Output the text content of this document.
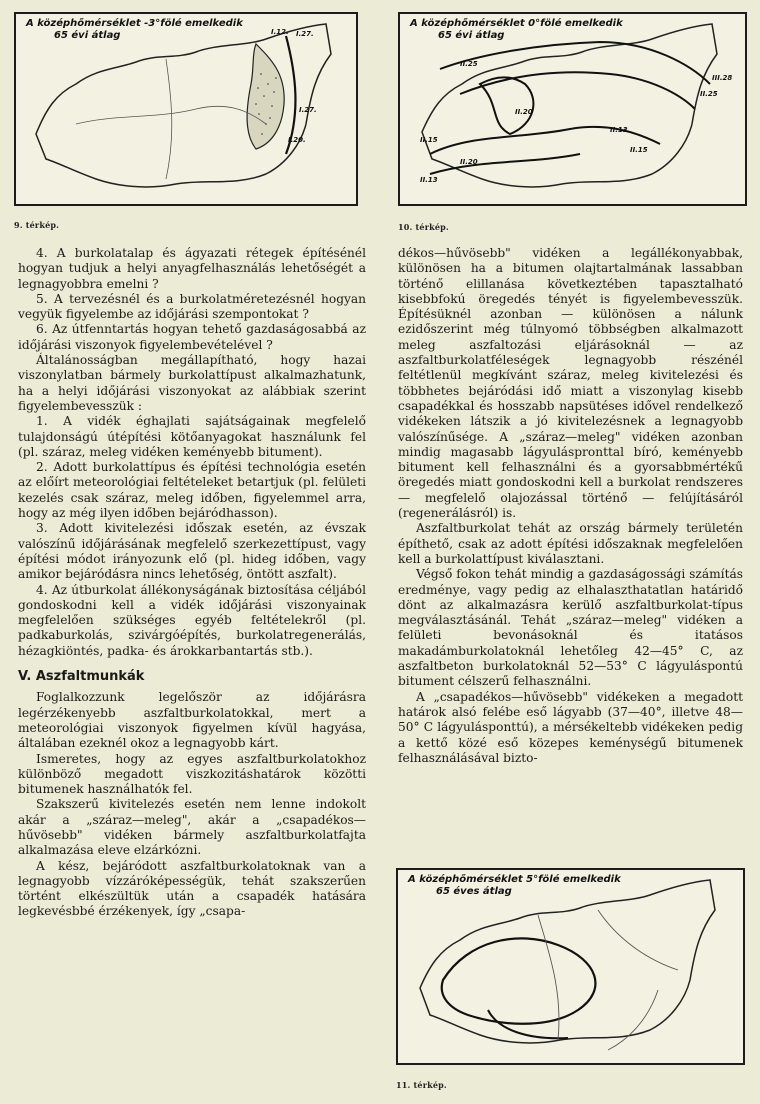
I.12. I.27.
I.27.
I.20.
A középhőmérséklet -3°fölé emelkedik
65 évi átlag
9. térkép.
III.28
II.25
II.25
II.20
II.15
II.13
II.15
II.20
II.13
A középhőmérséklet 0°fölé emelkedik
65 évi átlag
10. térkép.
A középhőmérséklet 5°fölé emelkedik
65 éves átlag
11. térkép.

4. A burkolatalap és ágyazati rétegek építésénél hogyan tudjuk a helyi anyagfelhasználás lehetőségét a legnagyobbra emelni ?

5. A tervezésnél és a burkolatméretezésnél hogyan vegyük figyelembe az időjárási szempontokat ?

6. Az útfenntartás hogyan tehető gazdaságosabbá az időjárási viszonyok figyelembevételével ?

Általánosságban megállapítható, hogy hazai viszonylatban bármely burkolattípust alkalmazhatunk, ha a helyi időjárási viszonyokat az alábbiak szerint figyelembevesszük :

1. A vidék éghajlati sajátságainak megfelelő tulajdonságú útépítési kötőanyagokat használunk fel (pl. száraz, meleg vidéken keményebb bitument).

2. Adott burkolattípus és építési technológia esetén az előírt meteorológiai feltételeket betartjuk (pl. felületi kezelés csak száraz, meleg időben, figyelemmel arra, hogy az még ilyen időben bejáródhasson).

3. Adott kivitelezési időszak esetén, az évszak valószínű időjárásának megfelelő szerkezettípust, vagy építési módot irányozunk elő (pl. hideg időben, vagy amikor bejáródásra nincs lehetőség, öntött aszfalt).

4. Az útburkolat állékonyságának biztosítása céljából gondoskodni kell a vidék időjárási viszonyainak megfelelően szükséges egyéb feltételekről (pl. padkaburkolás, szivárgóépítés, burkolatregenerálás, hézagkiöntés, padka- és árokkarbantartás stb.).

V. Aszfaltmunkák

Foglalkozzunk legelőször az időjárásra legérzékenyebb aszfaltburkolatokkal, mert a meteorológiai viszonyok figyelmen kívül hagyása, általában ezeknél okoz a legnagyobb kárt.

Ismeretes, hogy az egyes aszfaltburkolatokhoz különböző megadott viszkozitáshatárok közötti bitumenek használhatók fel.

Szakszerű kivitelezés esetén nem lenne indokolt akár a „száraz—meleg", akár a „csapadékos—hűvösebb" vidéken bármely aszfaltburkolatfajta alkalmazása eleve elzárkózni.

A kész, bejáródott aszfaltburkolatoknak van a legnagyobb vízzáróképességük, tehát szakszerűen történt elkészültük után a csapadék hatására legkevésbbé érzékenyek, így „csapa-

dékos—hűvösebb" vidéken a legállékonyabbak, különösen ha a bitumen olajtartalmának lassabban történő elillanása következtében tapasztalható kisebbfokú öregedés tényét is figyelembevesszük. Építésüknél azonban — különösen a nálunk ezidőszerint még túlnyomó többségben alkalmazott meleg aszfaltozási eljárásoknál — az aszfaltburkolatféleségek legnagyobb részénél feltétlenül megkívánt száraz, meleg kivitelezési és többhetes bejáródási idő miatt a viszonylag kisebb csapadékkal és hosszabb napsütéses idővel rendelkező vidékeken látszik a jó kivitelezésnek a legnagyobb valószínűsége. A „száraz—meleg" vidéken azonban mindig magasabb lágyuláspronttal bíró, keményebb bitument kell felhasználni és a gyorsabbmértékű öregedés miatt gondoskodni kell a burkolat rendszeres — megfelelő olajozással történő — felújításáról (regenerálásról) is.

Aszfaltburkolat tehát az ország bármely területén építhető, csak az adott építési időszaknak megfelelően kell a burkolattípust kiválasztani.

Végső fokon tehát mindig a gazdaságossági számítás eredménye, vagy pedig az elhalaszthatatlan határidő dönt az alkalmazásra kerülő aszfaltburkolat-típus megválasztásánál. Tehát „száraz—meleg" vidéken a felületi bevonásoknál és itatásos makadámburkolatoknál lehetőleg 42—45° C, az aszfaltbeton burkolatoknál 52—53° C lágyuláspontú bitument célszerű felhasználni.

A „csapadékos—hűvösebb" vidékeken a megadott határok alsó felébe eső lágyabb (37—40°, illetve 48—50° C lágyulásponttú), a mérsékeltebb vidékeken pedig a kettő közé eső közepes keménységű bitumenek felhasználásával bizto-
